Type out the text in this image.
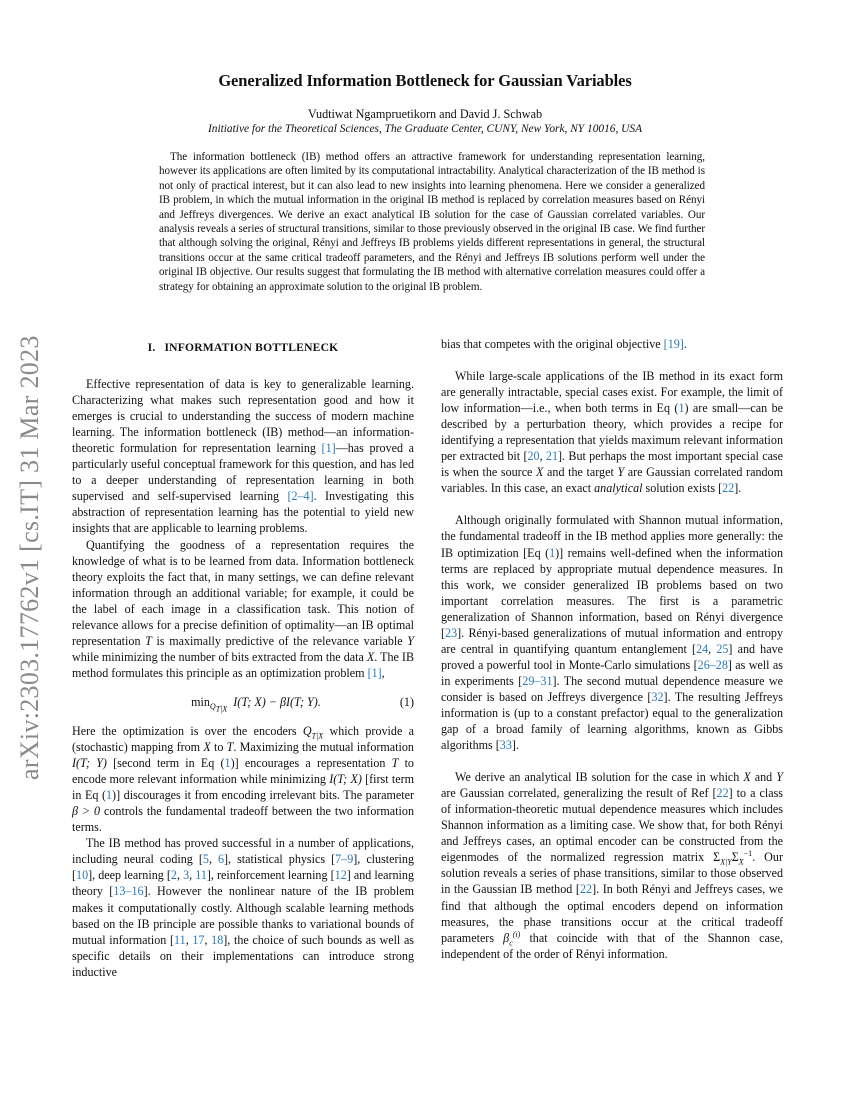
arXiv:2303.17762v1 [cs.IT] 31 Mar 2023
Generalized Information Bottleneck for Gaussian Variables
Vudtiwat Ngampruetikorn and David J. Schwab
Initiative for the Theoretical Sciences, The Graduate Center, CUNY, New York, NY 10016, USA
The information bottleneck (IB) method offers an attractive framework for understanding representation learning, however its applications are often limited by its computational intractability. Analytical characterization of the IB method is not only of practical interest, but it can also lead to new insights into learning phenomena. Here we consider a generalized IB problem, in which the mutual information in the original IB method is replaced by correlation measures based on Rényi and Jeffreys divergences. We derive an exact analytical IB solution for the case of Gaussian correlated variables. Our analysis reveals a series of structural transitions, similar to those previously observed in the original IB case. We find further that although solving the original, Rényi and Jeffreys IB problems yields different representations in general, the structural transitions occur at the same critical tradeoff parameters, and the Rényi and Jeffreys IB solutions perform well under the original IB objective. Our results suggest that formulating the IB method with alternative correlation measures could offer a strategy for obtaining an approximate solution to the original IB problem.
I. INFORMATION BOTTLENECK

Effective representation of data is key to generalizable learning. Characterizing what makes such representation good and how it emerges is crucial to understanding the success of modern machine learning. The information bottleneck (IB) method—an information-theoretic formulation for representation learning [1]—has proved a particularly useful conceptual framework for this question, and has led to a deeper understanding of representation learning in both supervised and self-supervised learning [2–4]. Investigating this abstraction of representation learning has the potential to yield new insights that are applicable to learning problems.

Quantifying the goodness of a representation requires the knowledge of what is to be learned from data. Information bottleneck theory exploits the fact that, in many settings, we can define relevant information through an additional variable; for example, it could be the label of each image in a classification task. This notion of relevance allows for a precise definition of optimality—an IB optimal representation T is maximally predictive of the relevance variable Y while minimizing the number of bits extracted from the data X. The IB method formulates this principle as an optimization problem [1],

$\min_{Q_{T|X}} I(T$; X) − βI(T; Y).	(1)

Here the optimization is over the encoders $Q_{T|X}$ which provide a (stochastic) mapping from X to T. Maximizing the mutual information I(T; Y) [second term in Eq (1)] encourages a representation T to encode more relevant information while minimizing I(T; X) [first term in Eq (1)] discourages it from encoding irrelevant bits. The parameter β > 0 controls the fundamental tradeoff between the two information terms.

The IB method has proved successful in a number of applications, including neural coding [5, 6], statistical physics [7–9], clustering [10], deep learning [2, 3, 11], reinforcement learning [12] and learning theory [13–16]. However the nonlinear nature of the IB problem makes it computationally costly. Although scalable learning methods based on the IB principle are possible thanks to variational bounds of mutual information [11, 17, 18], the choice of such bounds as well as specific details on their implementations can introduce strong inductive

bias that competes with the original objective [19].

While large-scale applications of the IB method in its exact form are generally intractable, special cases exist. For example, the limit of low information—i.e., when both terms in Eq (1) are small—can be described by a perturbation theory, which provides a recipe for identifying a representation that yields maximum relevant information per extracted bit [20, 21]. But perhaps the most important special case is when the source X and the target Y are Gaussian correlated random variables. In this case, an exact analytical solution exists [22].

Although originally formulated with Shannon mutual information, the fundamental tradeoff in the IB method applies more generally: the IB optimization [Eq (1)] remains well-defined when the information terms are replaced by appropriate mutual dependence measures. In this work, we consider generalized IB problems based on two important correlation measures. The first is a parametric generalization of Shannon information, based on Rényi divergence [23]. Rényi-based generalizations of mutual information and entropy are central in quantifying quantum entanglement [24, 25] and have proved a powerful tool in Monte-Carlo simulations [26–28] as well as in experiments [29–31]. The second mutual dependence measure we consider is based on Jeffreys divergence [32]. The resulting Jeffreys information is (up to a constant prefactor) equal to the generalization gap of a broad family of learning algorithms, known as Gibbs algorithms [33].

We derive an analytical IB solution for the case in which X and Y are Gaussian correlated, generalizing the result of Ref [22] to a class of information-theoretic mutual dependence measures which includes Shannon information as a limiting case. We show that, for both Rényi and Jeffreys cases, an optimal encoder can be constructed from the eigenmodes of the normalized regression matrix $\Sigma_{X|Y}\Sigma_X^{-1}$. Our solution reveals a series of phase transitions, similar to those observed in the Gaussian IB method [22]. In both Rényi and Jeffreys cases, we find that although the optimal encoders depend on information measures, the phase transitions occur at the critical tradeoff parameters $\beta_c^{(i)}$ that coincide with that of the Shannon case, independent of the order of Rényi information.
